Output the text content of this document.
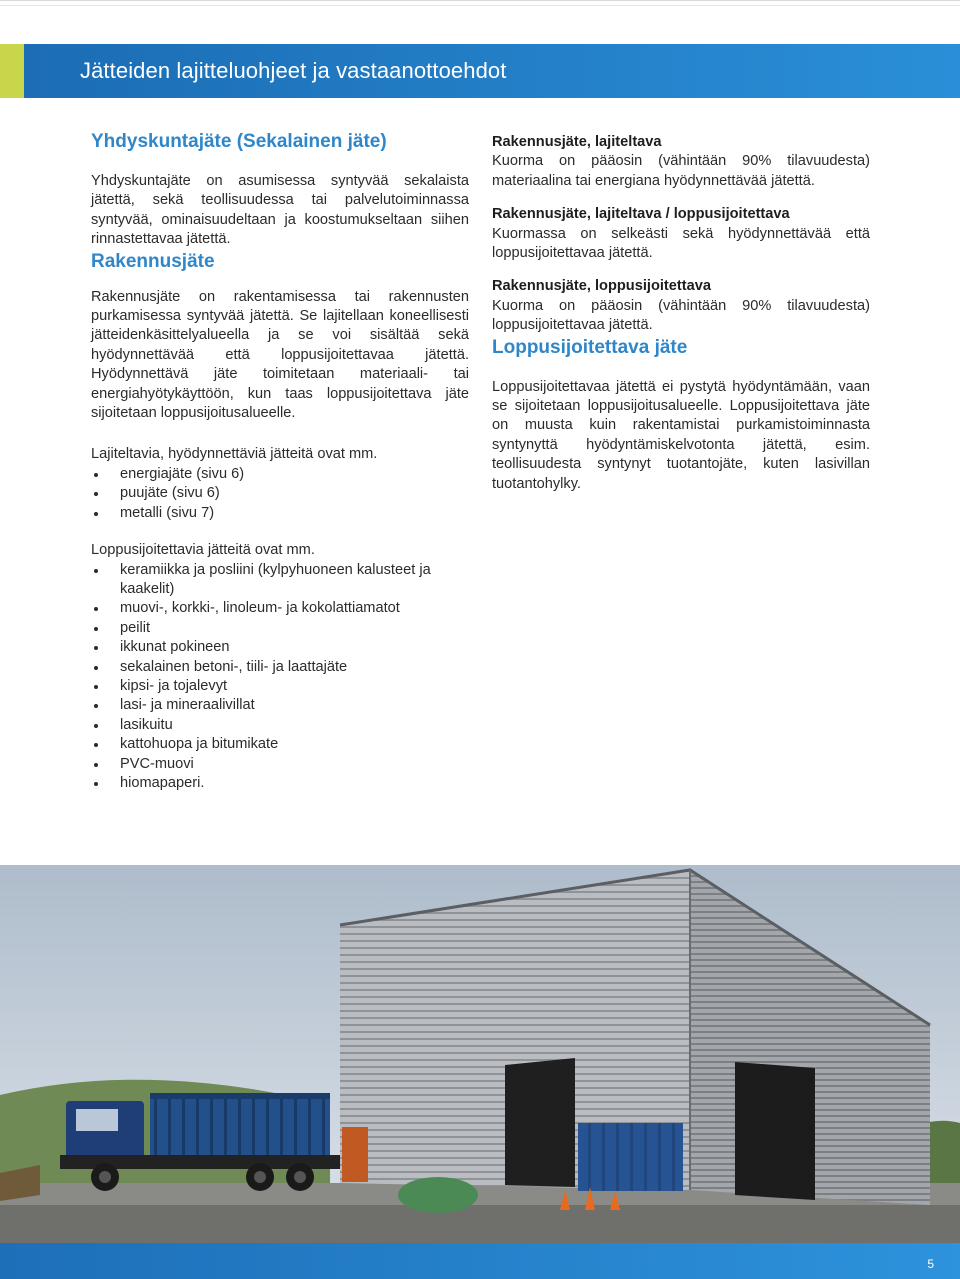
Jätteiden lajitteluohjeet ja vastaanottoehdot
Yhdyskuntajäte (Sekalainen jäte)

Yhdyskuntajäte on asumisessa syntyvää sekalaista jätettä, sekä teollisuudessa tai palvelutoiminnassa syntyvää, ominaisuudeltaan ja koostumukseltaan siihen rinnastettavaa jätettä.

Rakennusjäte

Rakennusjäte on rakentamisessa tai rakennusten purkamisessa syntyvää jätettä. Se lajitellaan koneellisesti jätteidenkäsittelyalueella ja se voi sisältää sekä hyödynnettävää että loppusijoitettavaa jätettä. Hyödynnettävä jäte toimitetaan materiaali- tai energiahyötykäyttöön, kun taas loppusijoitettava jäte sijoitetaan loppusijoitusalueelle.

Lajiteltavia, hyödynnettäviä jätteitä ovat mm.

energiajäte (sivu 6)
puujäte (sivu 6)
metalli (sivu 7)

Loppusijoitettavia jätteitä ovat mm.

keramiikka ja posliini (kylpyhuoneen kalusteet ja kaakelit)
muovi-, korkki-, linoleum- ja kokolattiamatot
peilit
ikkunat pokineen
sekalainen betoni-, tiili- ja laattajäte
kipsi- ja tojalevyt
lasi- ja mineraalivillat
lasikuitu
kattohuopa ja bitumikate
PVC-muovi
hiomapaperi.

Rakennusjäte, lajiteltava

Kuorma on pääosin (vähintään 90% tilavuudesta) materiaalina tai energiana hyödynnettävää jätettä.

Rakennusjäte, lajiteltava / loppusijoitettava

Kuormassa on selkeästi sekä hyödynnettävää että loppusijoitettavaa jätettä.

Rakennusjäte, loppusijoitettava

Kuorma on pääosin (vähintään 90% tilavuudesta) loppusijoitettavaa jätettä.

Loppusijoitettava jäte

Loppusijoitettavaa jätettä ei pystytä hyödyntämään, vaan se sijoitetaan loppusijoitusalueelle. Loppusijoitettava jäte on muusta kuin rakentamistai purkamistoiminnasta syntynyttä hyödyntämiskelvotonta jätettä, esim. teollisuudesta syntynyt tuotantojäte, kuten lasivillan tuotantohylky.

5
